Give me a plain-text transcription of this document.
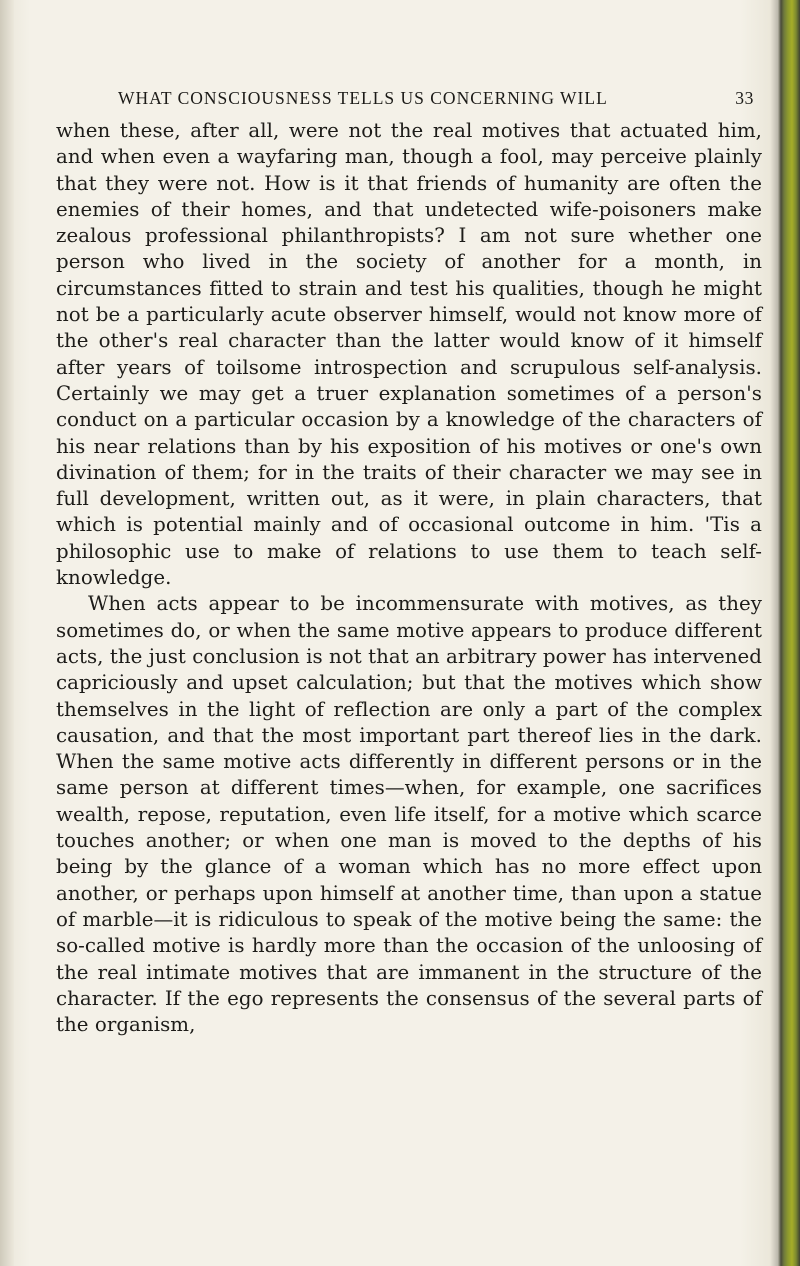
WHAT CONSCIOUSNESS TELLS US CONCERNING WILL	33

when these, after all, were not the real motives that actuated him, and when even a wayfaring man, though a fool, may perceive plainly that they were not. How is it that friends of humanity are often the enemies of their homes, and that undetected wife-poisoners make zealous professional philanthropists? I am not sure whether one person who lived in the society of another for a month, in circumstances fitted to strain and test his qualities, though he might not be a particularly acute observer himself, would not know more of the other's real character than the latter would know of it himself after years of toilsome introspection and scrupulous self-analysis. Certainly we may get a truer explanation sometimes of a person's conduct on a particular occasion by a knowledge of the characters of his near relations than by his exposition of his motives or one's own divination of them; for in the traits of their character we may see in full development, written out, as it were, in plain characters, that which is potential mainly and of occasional outcome in him. 'Tis a philosophic use to make of relations to use them to teach self-knowledge.

When acts appear to be incommensurate with motives, as they sometimes do, or when the same motive appears to produce different acts, the just conclusion is not that an arbitrary power has intervened capriciously and upset calculation; but that the motives which show themselves in the light of reflection are only a part of the complex causation, and that the most important part thereof lies in the dark. When the same motive acts differently in different persons or in the same person at different times—when, for example, one sacrifices wealth, repose, reputation, even life itself, for a motive which scarce touches another; or when one man is moved to the depths of his being by the glance of a woman which has no more effect upon another, or perhaps upon himself at another time, than upon a statue of marble—it is ridiculous to speak of the motive being the same: the so-called motive is hardly more than the occasion of the unloosing of the real intimate motives that are immanent in the structure of the character. If the ego represents the consensus of the several parts of the organism,
